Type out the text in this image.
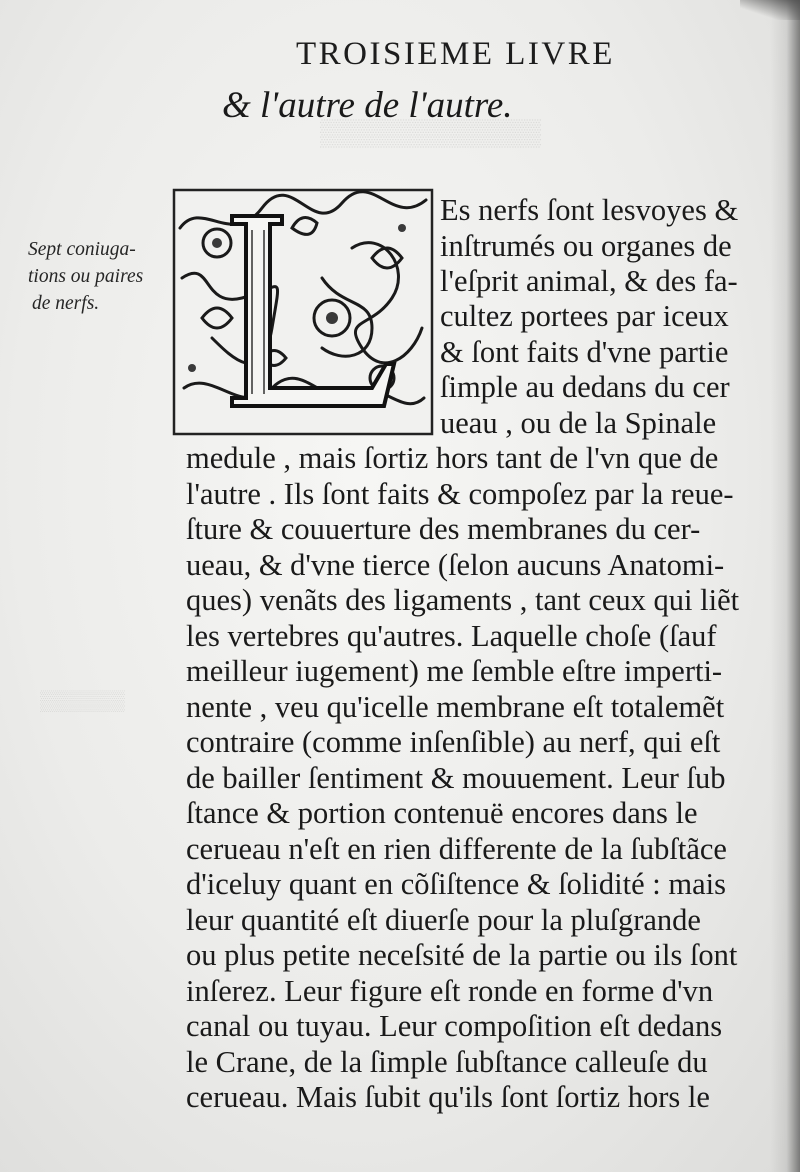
▒▒▒▒▒▒▒▒▒▒▒▒
▒▒▒▒▒▒
TROISIEME LIVRE
& l'autre de l'autre.
Sept coniuga-
tions ou paires
de nerfs.
Es nerfs ſont lesvoyes &
inſtrumés ou organes de
l'eſprit animal, & des fa-
cultez portees par iceux
& ſont faits d'vne partie
ſimple au dedans du cer
ueau , ou de la Spinale
medule , mais ſortiz hors tant de l'vn que de
l'autre . Ils ſont faits & compoſez par la reue-
ſture & couuerture des membranes du cer-
ueau, & d'vne tierce (ſelon aucuns Anatomi-
ques) venãts des ligaments , tant ceux qui liẽt
les vertebres qu'autres. Laquelle choſe (ſauf
meilleur iugement) me ſemble eſtre imperti-
nente , veu qu'icelle membrane eſt totalemẽt
contraire (comme inſenſible) au nerf, qui eſt
de bailler ſentiment & mouuement. Leur ſub
ſtance & portion contenuë encores dans le
cerueau n'eſt en rien differente de la ſubſtãce
d'iceluy quant en cõſiſtence & ſolidité : mais
leur quantité eſt diuerſe pour la pluſgrande
ou plus petite neceſsité de la partie ou ils ſont
inſerez. Leur figure eſt ronde en forme d'vn
canal ou tuyau. Leur compoſition eſt dedans
le Crane, de la ſimple ſubſtance calleuſe du
cerueau. Mais ſubit qu'ils ſont ſortiz hors le
